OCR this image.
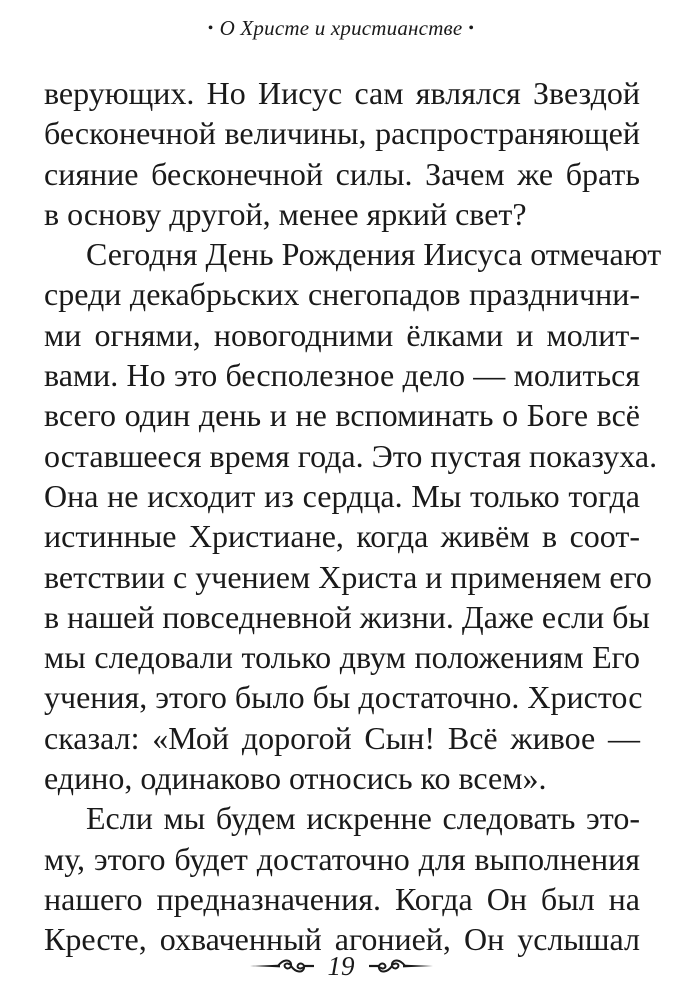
• О Христе и христианстве •
верующих. Но Иисус сам являлся Звездой
бесконечной величины, распространяющей
сияние бесконечной силы. Зачем же брать
в основу другой, менее яркий свет?
Сегодня День Рождения Иисуса отмечают
среди декабрьских снегопадов празднични-
ми огнями, новогодними ёлками и молит-
вами. Но это бесполезное дело — молиться
всего один день и не вспоминать о Боге всё
оставшееся время года. Это пустая показуха.
Она не исходит из сердца. Мы только тогда
истинные Христиане, когда живём в соот-
ветствии с учением Христа и применяем его
в нашей повседневной жизни. Даже если бы
мы следовали только двум положениям Его
учения, этого было бы достаточно. Христос
сказал: «Мой дорогой Сын! Всё живое —
едино, одинаково относись ко всем».
Если мы будем искренне следовать это-
му, этого будет достаточно для выполнения
нашего предназначения. Когда Он был на
Кресте, охваченный агонией, Он услышал
19
